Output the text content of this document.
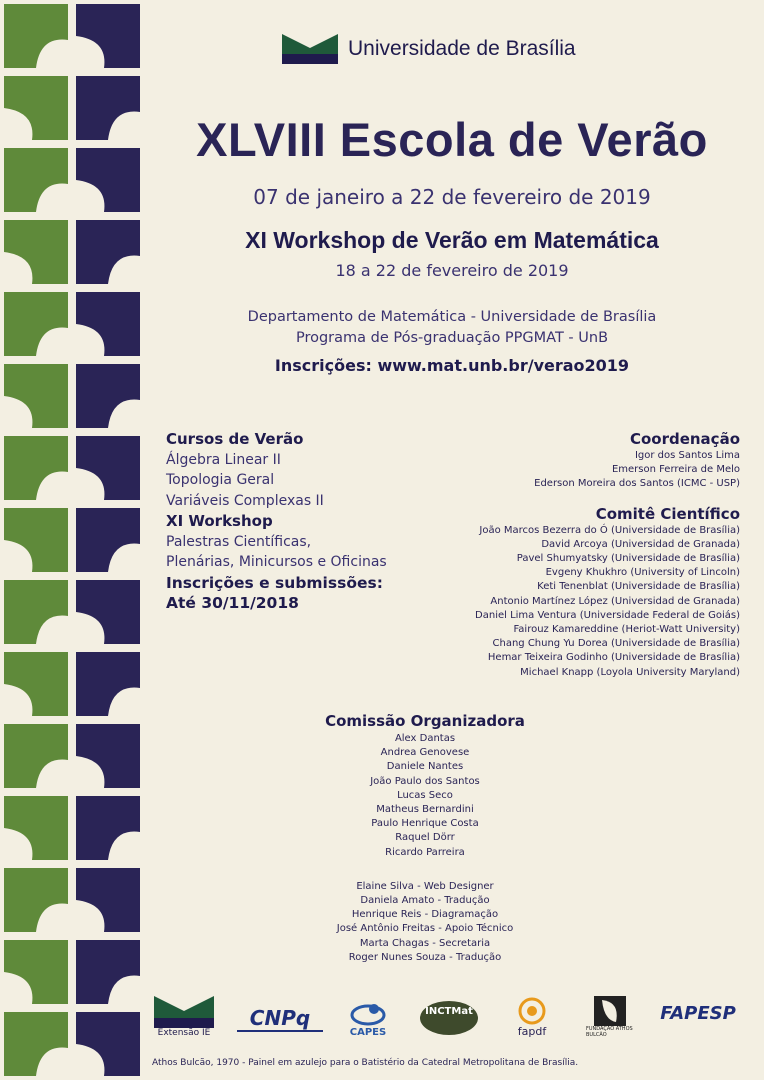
Universidade de Brasília
XLVIII Escola de Verão
07 de janeiro a 22 de fevereiro de 2019
XI Workshop de Verão em Matemática
18 a 22 de fevereiro de 2019
Departamento de Matemática - Universidade de Brasília
Programa de Pós-graduação PPGMAT - UnB
Inscrições: www.mat.unb.br/verao2019
Cursos de Verão
Álgebra Linear II
Topologia Geral
Variáveis Complexas II
XI Workshop
Palestras Científicas,
Plenárias, Minicursos e Oficinas
Inscrições e submissões:
Até 30/11/2018
Coordenação
Igor dos Santos Lima
Emerson Ferreira de Melo
Ederson Moreira dos Santos (ICMC - USP)
Comitê Científico
João Marcos Bezerra do Ó (Universidade de Brasília)
David Arcoya (Universidad de Granada)
Pavel Shumyatsky (Universidade de Brasília)
Evgeny Khukhro (University of Lincoln)
Keti Tenenblat (Universidade de Brasília)
Antonio Martínez López (Universidad de Granada)
Daniel Lima Ventura (Universidade Federal de Goiás)
Fairouz Kamareddine (Heriot-Watt University)
Chang Chung Yu Dorea (Universidade de Brasília)
Hemar Teixeira Godinho (Universidade de Brasília)
Michael Knapp (Loyola University Maryland)
Comissão Organizadora
Alex Dantas
Andrea Genovese
Daniele Nantes
João Paulo dos Santos
Lucas Seco
Matheus Bernardini
Paulo Henrique Costa
Raquel Dörr
Ricardo Parreira
Elaine Silva - Web Designer
Daniela Amato - Tradução
Henrique Reis - Diagramação
José Antônio Freitas - Apoio Técnico
Marta Chagas - Secretaria
Roger Nunes Souza - Tradução
Extensão IE
CNPq
CAPES
INCTMat
fapdf	FUNDAÇÃO ATHOS BULCÃO
FAPESP
Athos Bulcão, 1970 - Painel em azulejo para o Batistério da Catedral Metropolitana de Brasília.
